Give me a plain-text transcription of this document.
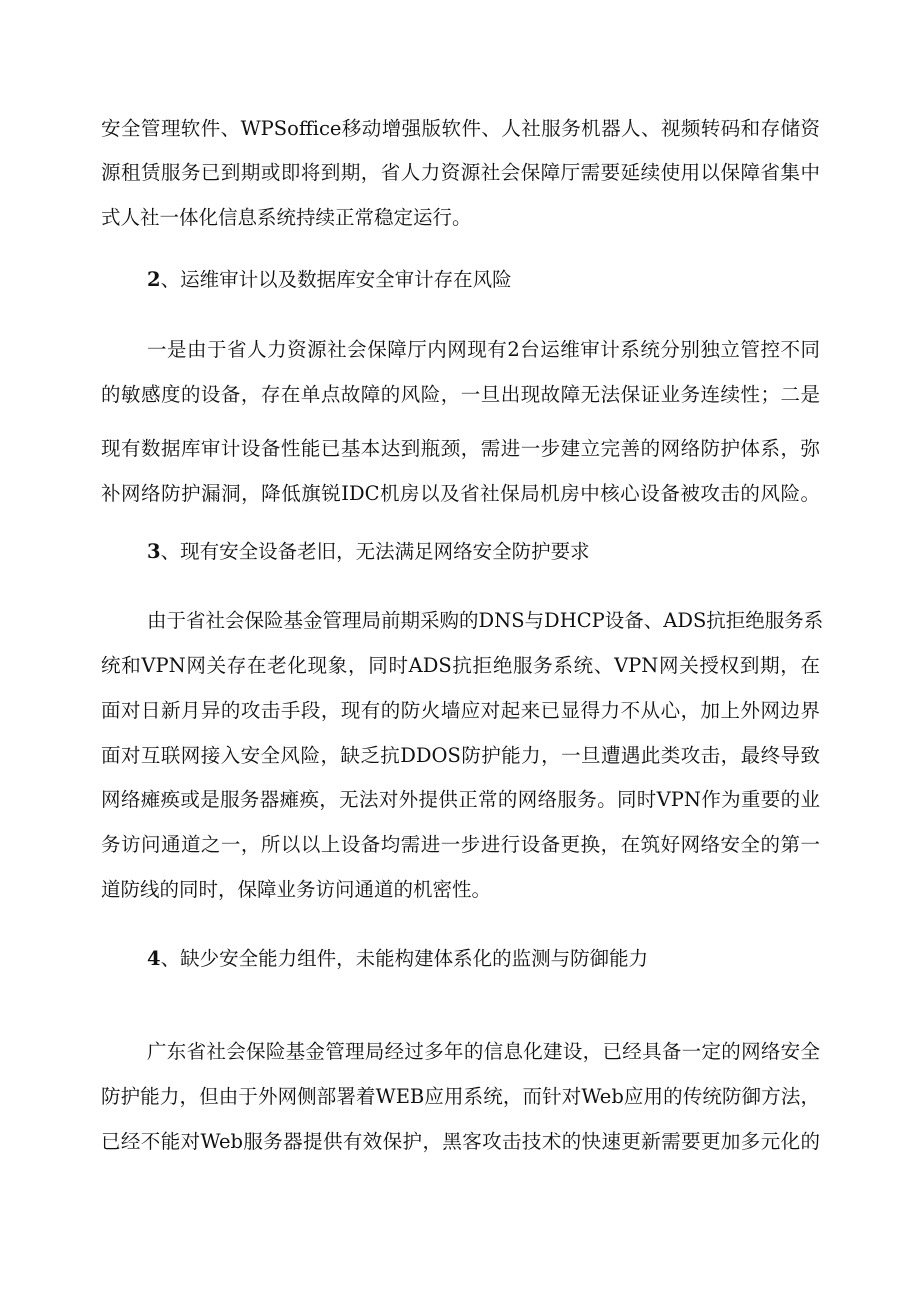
安全管理软件、WPSoffice移动增强版软件、人社服务机器人、视频转码和存储资

源租赁服务已到期或即将到期，省人力资源社会保障厅需要延续使用以保障省集中

式人社一体化信息系统持续正常稳定运行。

2、运维审计以及数据库安全审计存在风险

一是由于省人力资源社会保障厅内网现有2台运维审计系统分别独立管控不同

的敏感度的设备，存在单点故障的风险，一旦出现故障无法保证业务连续性；二是

现有数据库审计设备性能已基本达到瓶颈，需进一步建立完善的网络防护体系，弥

补网络防护漏洞，降低旗锐IDC机房以及省社保局机房中核心设备被攻击的风险。

3、现有安全设备老旧，无法满足网络安全防护要求

由于省社会保险基金管理局前期采购的DNS与DHCP设备、ADS抗拒绝服务系

统和VPN网关存在老化现象，同时ADS抗拒绝服务系统、VPN网关授权到期，在

面对日新月异的攻击手段，现有的防火墙应对起来已显得力不从心，加上外网边界

面对互联网接入安全风险，缺乏抗DDOS防护能力，一旦遭遇此类攻击，最终导致

网络瘫痪或是服务器瘫痪，无法对外提供正常的网络服务。同时VPN作为重要的业

务访问通道之一，所以以上设备均需进一步进行设备更换，在筑好网络安全的第一

道防线的同时，保障业务访问通道的机密性。

4、缺少安全能力组件，未能构建体系化的监测与防御能力

广东省社会保险基金管理局经过多年的信息化建设，已经具备一定的网络安全

防护能力，但由于外网侧部署着WEB应用系统，而针对Web应用的传统防御方法，

已经不能对Web服务器提供有效保护，黑客攻击技术的快速更新需要更加多元化的
